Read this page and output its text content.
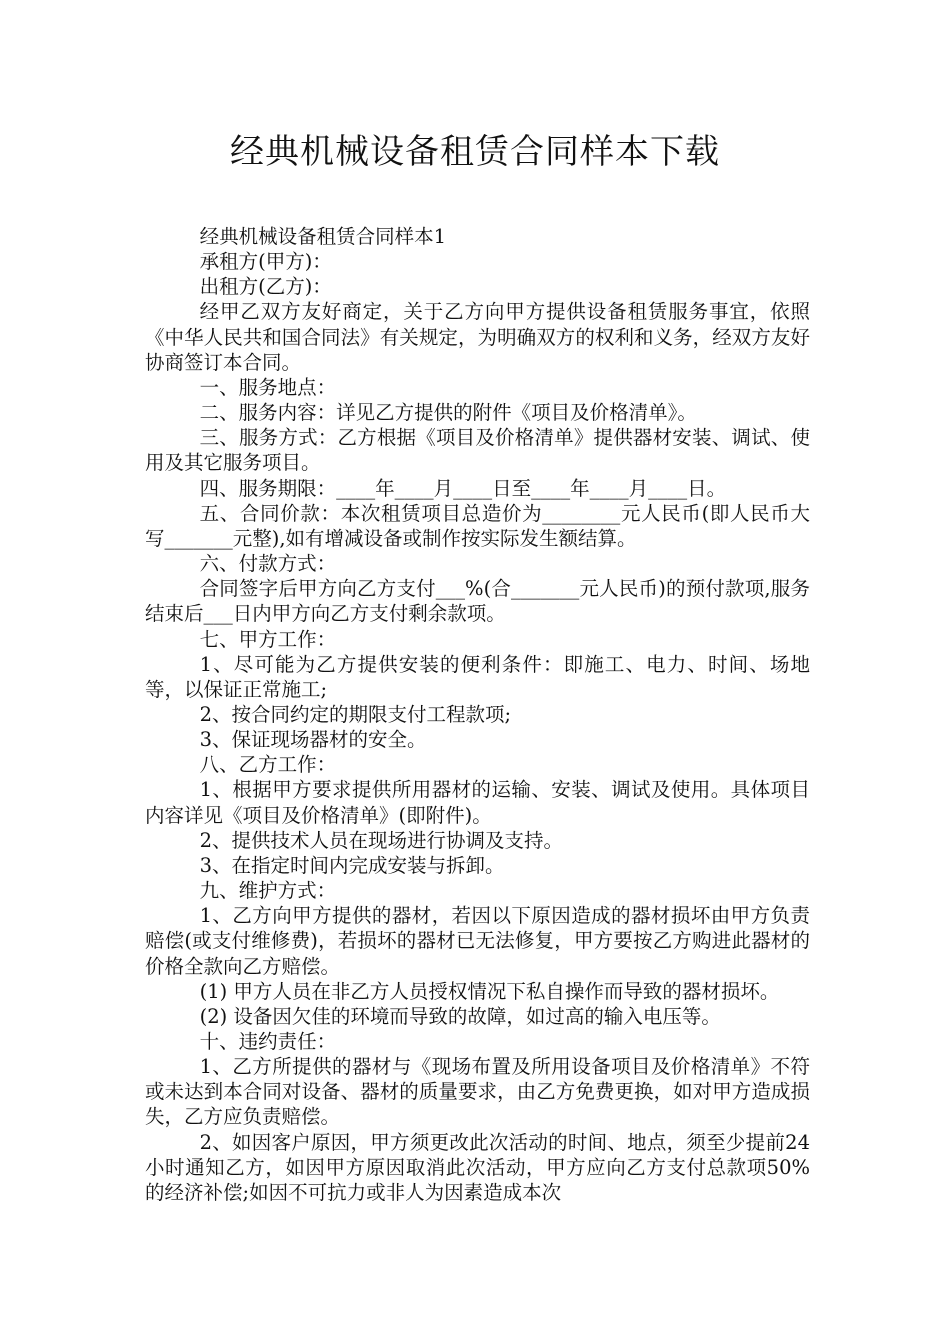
经典机械设备租赁合同样本下载

经典机械设备租赁合同样本1

承租方(甲方)：

出租方(乙方)：

经甲乙双方友好商定，关于乙方向甲方提供设备租赁服务事宜，依照《中华人民共和国合同法》有关规定，为明确双方的权利和义务，经双方友好协商签订本合同。

一、服务地点：

二、服务内容：详见乙方提供的附件《项目及价格清单》。

三、服务方式：乙方根据《项目及价格清单》提供器材安装、调试、使用及其它服务项目。

四、服务期限：____年____月____日至____年____月____日。

五、合同价款：本次租赁项目总造价为________元人民币(即人民币大写_______元整),如有增减设备或制作按实际发生额结算。

六、付款方式：

合同签字后甲方向乙方支付___%(合_______元人民币)的预付款项,服务结束后___日内甲方向乙方支付剩余款项。

七、甲方工作：

1、尽可能为乙方提供安装的便利条件：即施工、电力、时间、场地等，以保证正常施工;

2、按合同约定的期限支付工程款项;

3、保证现场器材的安全。

八、乙方工作：

1、根据甲方要求提供所用器材的运输、安装、调试及使用。具体项目内容详见《项目及价格清单》(即附件)。

2、提供技术人员在现场进行协调及支持。

3、在指定时间内完成安装与拆卸。

九、维护方式：

1、乙方向甲方提供的器材，若因以下原因造成的器材损坏由甲方负责赔偿(或支付维修费)，若损坏的器材已无法修复，甲方要按乙方购进此器材的价格全款向乙方赔偿。

(1) 甲方人员在非乙方人员授权情况下私自操作而导致的器材损坏。

(2) 设备因欠佳的环境而导致的故障，如过高的输入电压等。

十、违约责任：

1、乙方所提供的器材与《现场布置及所用设备项目及价格清单》不符或未达到本合同对设备、器材的质量要求，由乙方免费更换，如对甲方造成损失，乙方应负责赔偿。

2、如因客户原因，甲方须更改此次活动的时间、地点，须至少提前24小时通知乙方，如因甲方原因取消此次活动，甲方应向乙方支付总款项50%的经济补偿;如因不可抗力或非人为因素造成本次
